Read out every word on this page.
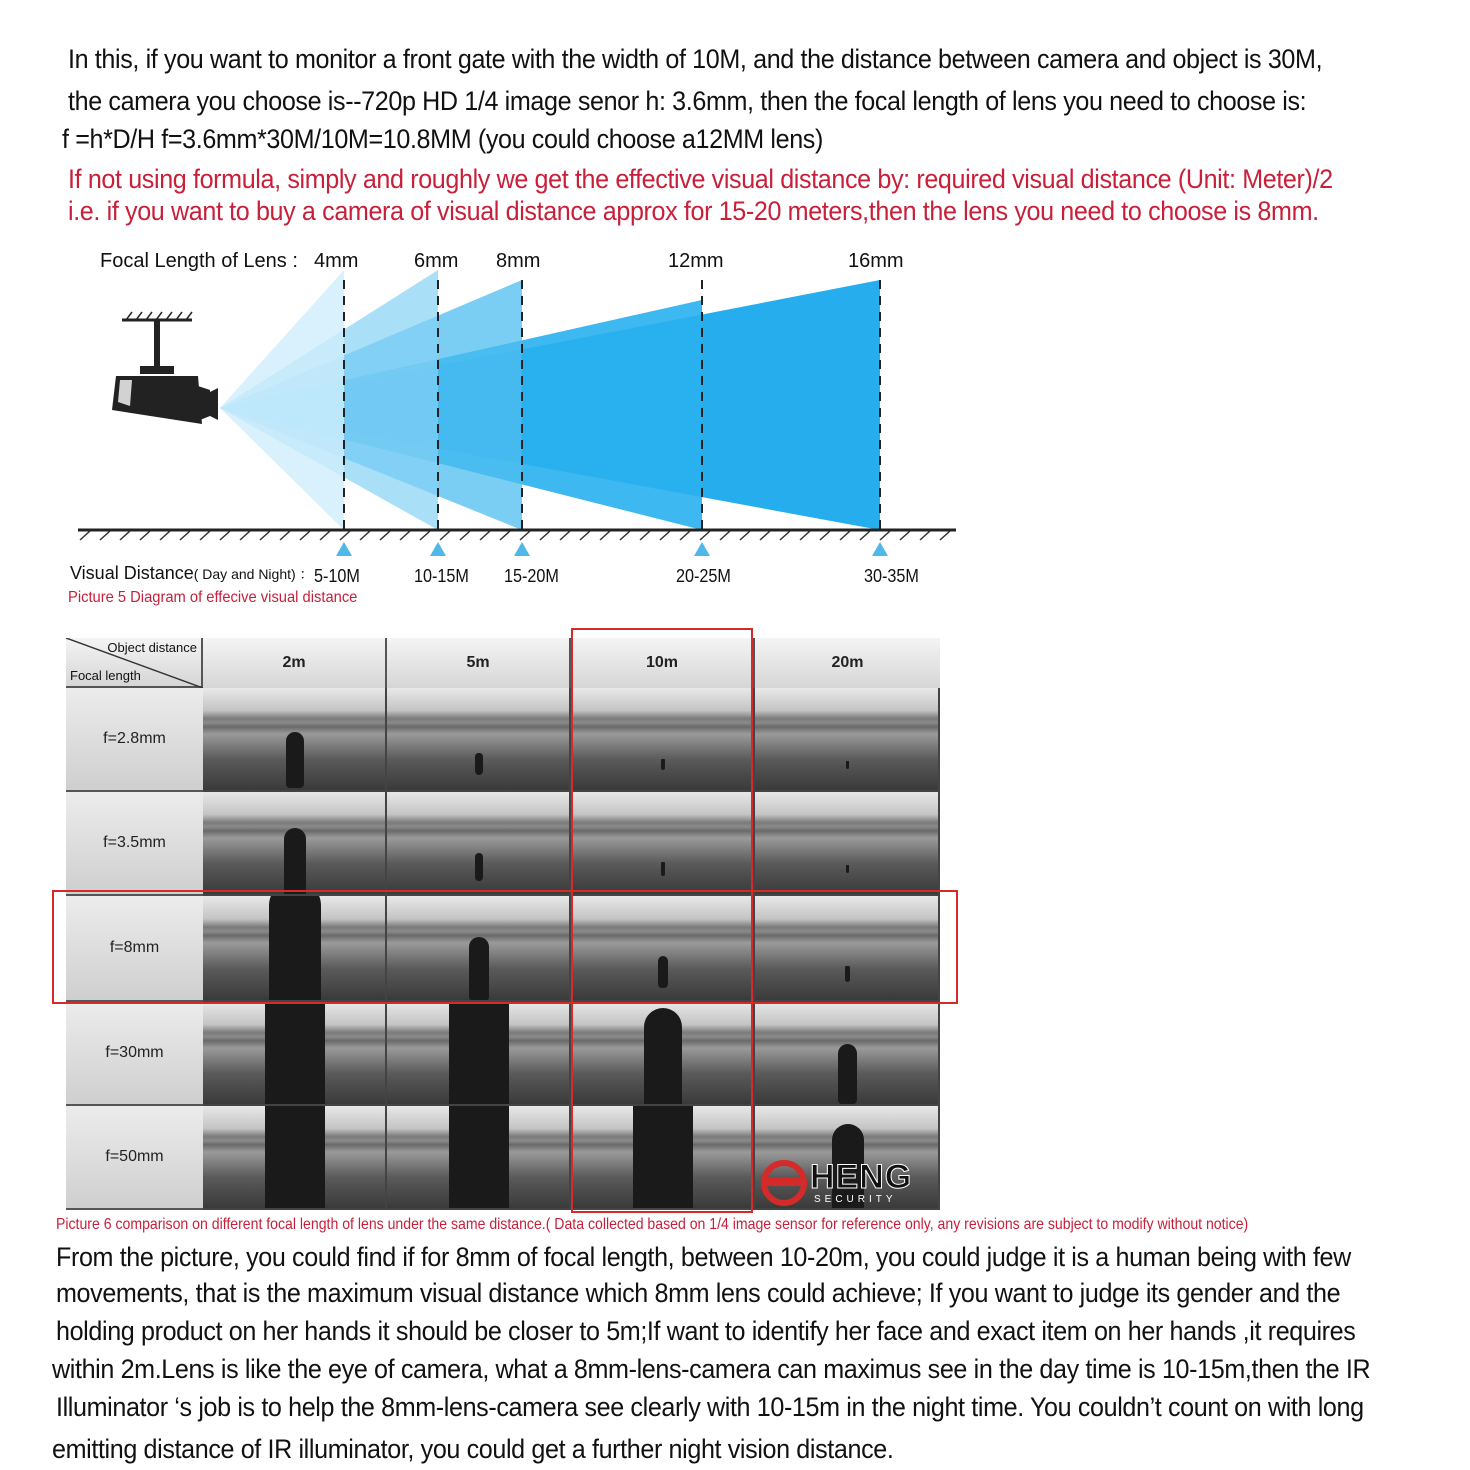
In this, if you want to monitor a front gate with the width of 10M, and the distance between camera and object is 30M,
the camera you choose is--720p HD 1/4 image senor h: 3.6mm, then the focal length of lens you need to choose is:
f =h*D/H f=3.6mm*30M/10M=10.8MM (you could choose a12MM lens)
If not using formula, simply and roughly we get the effective visual distance by: required visual distance (Unit: Meter)/2
i.e. if you want to buy a camera of visual distance approx for 15-20 meters,then the lens you need to choose is 8mm.
Focal Length of Lens : 4mm	6mm 8mm	12mm	16mm
Visual Distance( Day and Night) ： 5-10M	10-15M 15-20M	20-25M	30-35M
Picture 5 Diagram of effecive visual distance
Object distance
Focal length
2m	5m	10m	20m
f=2.8mm
f=3.5mm
f=8mm
f=30mm
f=50mm
HENG
SECURITY
Picture 6 comparison on different focal length of lens under the same distance.( Data collected based on 1/4 image sensor for reference only, any revisions are subject to modify without notice)
From the picture, you could find if for 8mm of focal length, between 10-20m, you could judge it is a human being with few
movements, that is the maximum visual distance which 8mm lens could achieve; If you want to judge its gender and the
holding product on her hands it should be closer to 5m;If want to identify her face and exact item on her hands ,it requires
within 2m.Lens is like the eye of camera, what a 8mm-lens-camera can maximus see in the day time is 10-15m,then the IR
Illuminator ‘s job is to help the 8mm-lens-camera see clearly with 10-15m in the night time. You couldn’t count on with long
emitting distance of IR illuminator, you could get a further night vision distance.
